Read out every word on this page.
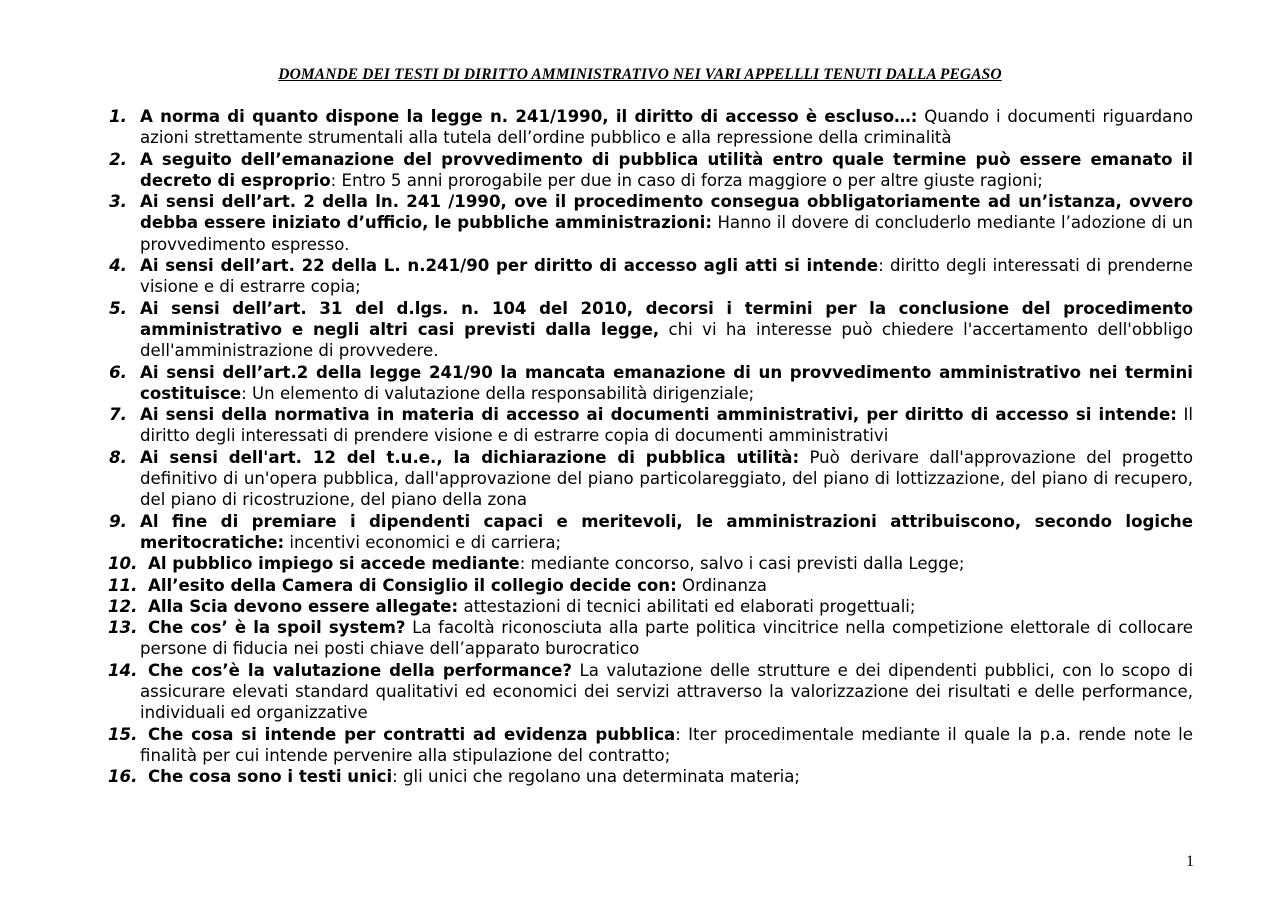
DOMANDE DEI TESTI DI DIRITTO AMMINISTRATIVO NEI VARI APPELLLI TENUTI DALLA PEGASO
1. A norma di quanto dispone la legge n. 241/1990, il diritto di accesso è escluso…: Quando i documenti riguardano azioni strettamente strumentali alla tutela dell’ordine pubblico e alla repressione della criminalità
2. A seguito dell’emanazione del provvedimento di pubblica utilità entro quale termine può essere emanato il decreto di esproprio: Entro 5 anni prorogabile per due in caso di forza maggiore o per altre giuste ragioni;
3. Ai sensi dell’art. 2 della ln. 241 /1990, ove il procedimento consegua obbligatoriamente ad un’istanza, ovvero debba essere iniziato d’ufficio, le pubbliche amministrazioni: Hanno il dovere di concluderlo mediante l’adozione di un provvedimento espresso.
4. Ai sensi dell’art. 22 della L. n.241/90 per diritto di accesso agli atti si intende: diritto degli interessati di prenderne visione e di estrarre copia;
5. Ai sensi dell’art. 31 del d.lgs. n. 104 del 2010, decorsi i termini per la conclusione del procedimento amministrativo e negli altri casi previsti dalla legge, chi vi ha interesse può chiedere l'accertamento dell'obbligo dell'amministrazione di provvedere.
6. Ai sensi dell’art.2 della legge 241/90 la mancata emanazione di un provvedimento amministrativo nei termini costituisce: Un elemento di valutazione della responsabilità dirigenziale;
7. Ai sensi della normativa in materia di accesso ai documenti amministrativi, per diritto di accesso si intende: Il diritto degli interessati di prendere visione e di estrarre copia di documenti amministrativi
8. Ai sensi dell'art. 12 del t.u.e., la dichiarazione di pubblica utilità: Può derivare dall'approvazione del progetto definitivo di un'opera pubblica, dall'approvazione del piano particolareggiato, del piano di lottizzazione, del piano di recupero, del piano di ricostruzione, del piano della zona
9. Al fine di premiare i dipendenti capaci e meritevoli, le amministrazioni attribuiscono, secondo logiche meritocratiche: incentivi economici e di carriera;
10. Al pubblico impiego si accede mediante: mediante concorso, salvo i casi previsti dalla Legge;
11. All’esito della Camera di Consiglio il collegio decide con: Ordinanza
12. Alla Scia devono essere allegate: attestazioni di tecnici abilitati ed elaborati progettuali;
13. Che cos’ è la spoil system? La facoltà riconosciuta alla parte politica vincitrice nella competizione elettorale di collocare persone di fiducia nei posti chiave dell’apparato burocratico
14. Che cos’è la valutazione della performance? La valutazione delle strutture e dei dipendenti pubblici, con lo scopo di assicurare elevati standard qualitativi ed economici dei servizi attraverso la valorizzazione dei risultati e delle performance, individuali ed organizzative
15. Che cosa si intende per contratti ad evidenza pubblica: Iter procedimentale mediante il quale la p.a. rende note le finalità per cui intende pervenire alla stipulazione del contratto;
16. Che cosa sono i testi unici: gli unici che regolano una determinata materia;
1
